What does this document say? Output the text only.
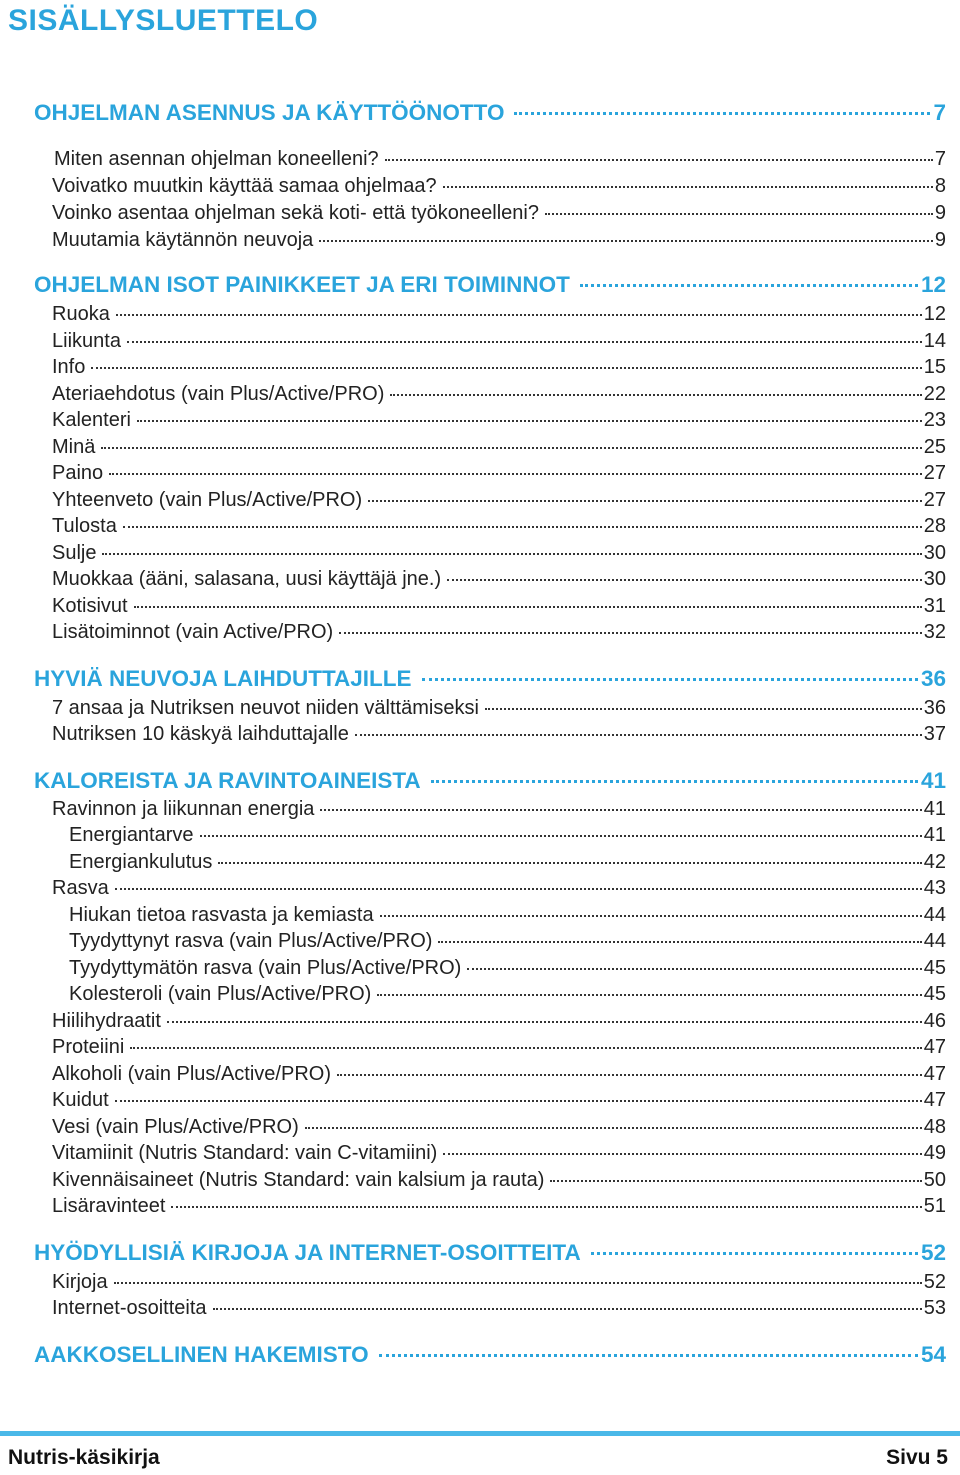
SISÄLLYSLUETTELO
OHJELMAN ASENNUS JA KÄYTTÖÖNOTTO	7
Miten asennan ohjelman koneelleni?	7
Voivatko muutkin käyttää samaa ohjelmaa?	8
Voinko asentaa ohjelman sekä koti- että työkoneelleni?	9
Muutamia käytännön neuvoja	9
OHJELMAN ISOT PAINIKKEET JA ERI TOIMINNOT	12
Ruoka	12
Liikunta	14
Info	15
Ateriaehdotus (vain Plus/Active/PRO)	22
Kalenteri	23
Minä	25
Paino	27
Yhteenveto (vain Plus/Active/PRO)	27
Tulosta	28
Sulje	30
Muokkaa (ääni, salasana, uusi käyttäjä jne.)	30
Kotisivut	31
Lisätoiminnot (vain Active/PRO)	32
HYVIÄ NEUVOJA LAIHDUTTAJILLE	36
7 ansaa ja Nutriksen neuvot niiden välttämiseksi	36
Nutriksen 10 käskyä laihduttajalle	37
KALOREISTA JA RAVINTOAINEISTA	41
Ravinnon ja liikunnan energia	41
Energiantarve	41
Energiankulutus	42
Rasva	43
Hiukan tietoa rasvasta ja kemiasta	44
Tyydyttynyt rasva (vain Plus/Active/PRO)	44
Tyydyttymätön rasva (vain Plus/Active/PRO)	45
Kolesteroli (vain Plus/Active/PRO)	45
Hiilihydraatit	46
Proteiini	47
Alkoholi (vain Plus/Active/PRO)	47
Kuidut	47
Vesi (vain Plus/Active/PRO)	48
Vitamiinit (Nutris Standard: vain C-vitamiini)	49
Kivennäisaineet (Nutris Standard: vain kalsium ja rauta)	50
Lisäravinteet	51
HYÖDYLLISIÄ KIRJOJA JA INTERNET-OSOITTEITA	52
Kirjoja	52
Internet-osoitteita	53
AAKKOSELLINEN HAKEMISTO	54
Nutris-käsikirja	Sivu 5
